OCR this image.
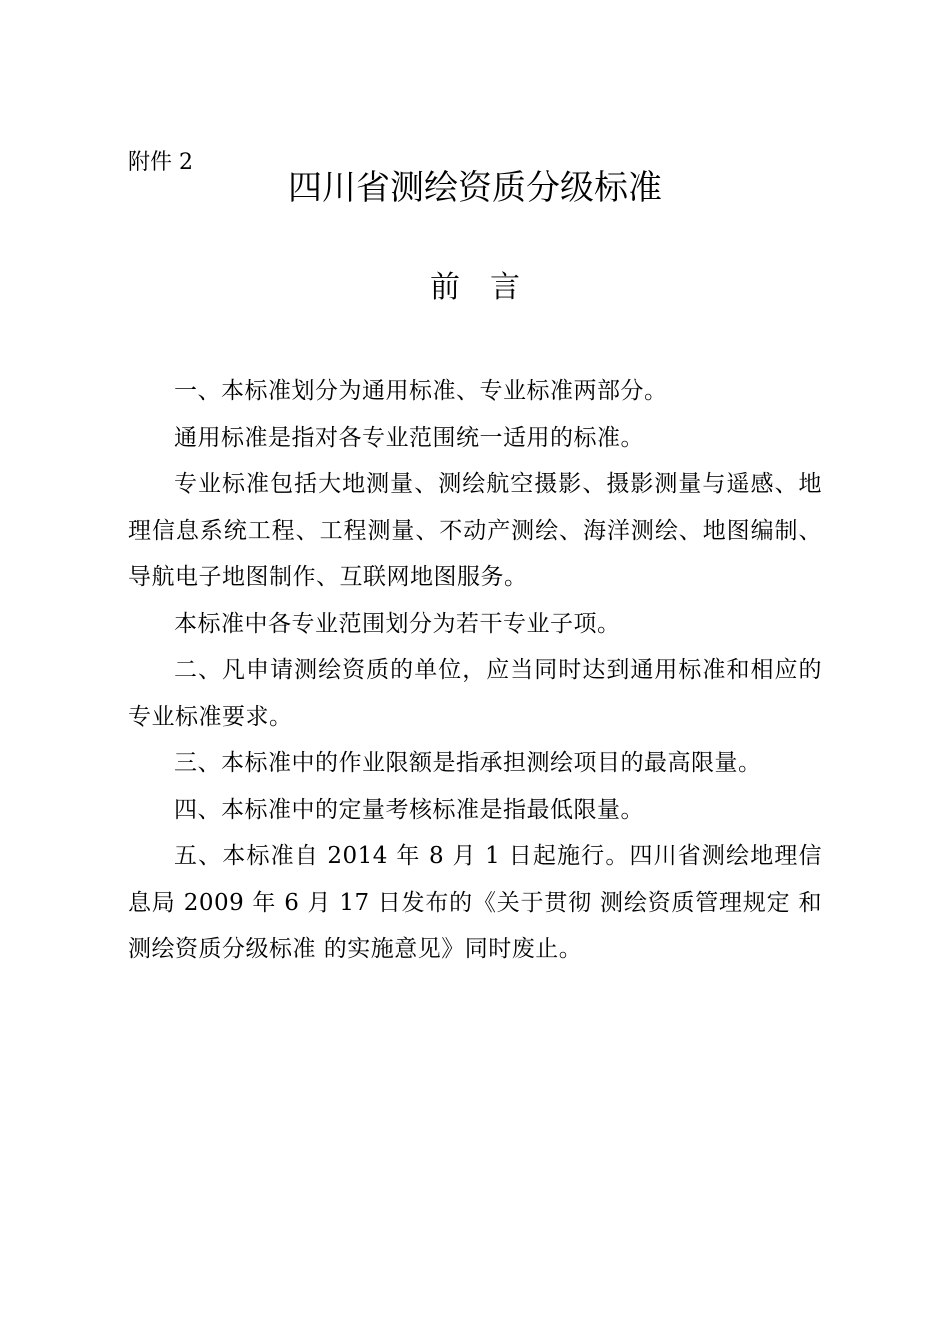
附件 2
四川省测绘资质分级标准
前　言

一、本标准划分为通用标准、专业标准两部分。

通用标准是指对各专业范围统一适用的标准。

专业标准包括大地测量、测绘航空摄影、摄影测量与遥感、地理信息系统工程、工程测量、不动产测绘、海洋测绘、地图编制、导航电子地图制作、互联网地图服务。

本标准中各专业范围划分为若干专业子项。

二、凡申请测绘资质的单位，应当同时达到通用标准和相应的专业标准要求。

三、本标准中的作业限额是指承担测绘项目的最高限量。

四、本标准中的定量考核标准是指最低限量。

五、本标准自 2014 年 8 月 1 日起施行。四川省测绘地理信息局 2009 年 6 月 17 日发布的《关于贯彻 测绘资质管理规定 和 测绘资质分级标准 的实施意见》同时废止。
